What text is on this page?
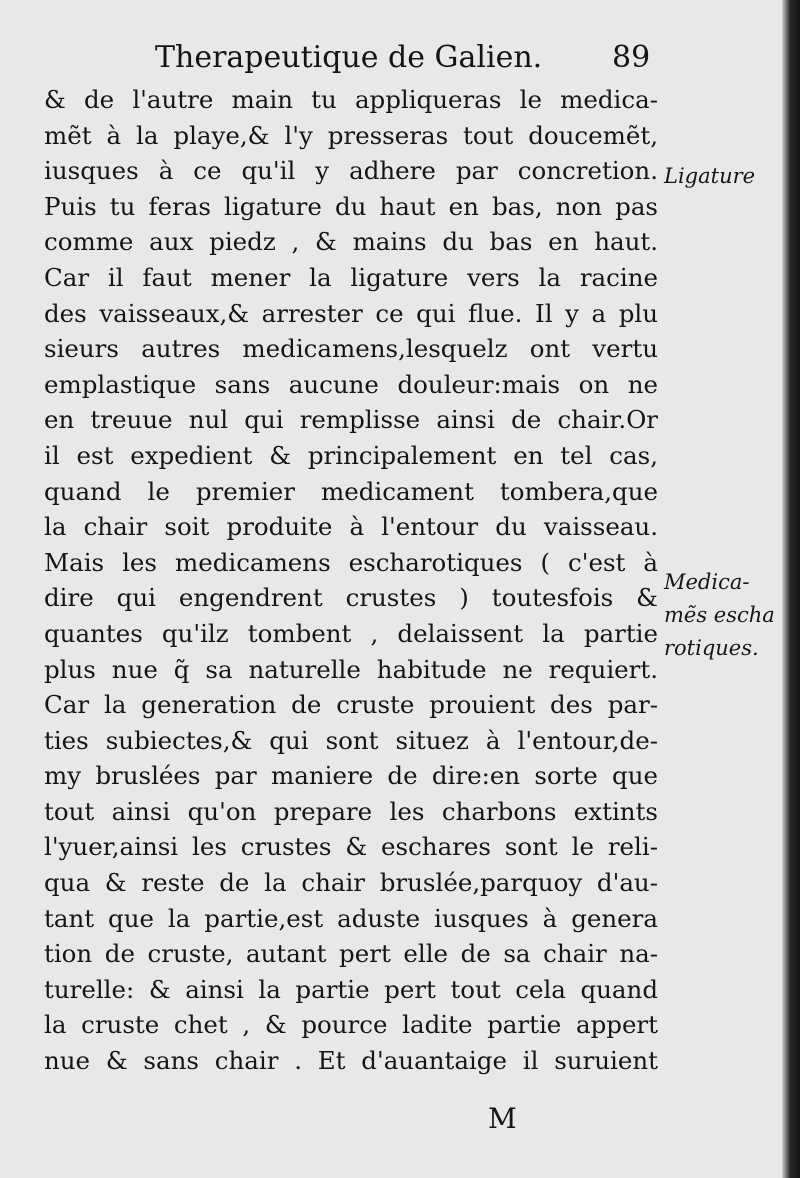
Therapeutique de Galien. 89
& de l'autre main tu appliqueras le medica-
mẽt à la playe,& l'y presseras tout doucemẽt,
iusques à ce qu'il y adhere par concretion.
Puis tu feras ligature du haut en bas, non pas
comme aux piedz , & mains du bas en haut.
Car il faut mener la ligature vers la racine
des vaisseaux,& arrester ce qui flue. Il y a plu
sieurs autres medicamens,lesquelz ont vertu
emplastique sans aucune douleur:mais on ne
en treuue nul qui remplisse ainsi de chair.Or
il est expedient & principalement en tel cas,
quand le premier medicament tombera,que
la chair soit produite à l'entour du vaisseau.
Mais les medicamens escharotiques ( c'est à
dire qui engendrent crustes ) toutesfois &
quantes qu'ilz tombent , delaissent la partie
plus nue q̃ sa naturelle habitude ne requiert.
Car la generation de cruste prouient des par-
ties subiectes,& qui sont situez à l'entour,de-
my bruslées par maniere de dire:en sorte que
tout ainsi qu'on prepare les charbons extints
l'yuer,ainsi les crustes & eschares sont le reli-
qua & reste de la chair bruslée,parquoy d'au-
tant que la partie,est aduste iusques à genera
tion de cruste, autant pert elle de sa chair na-
turelle: & ainsi la partie pert tout cela quand
la cruste chet , & pource ladite partie appert
nue & sans chair . Et d'auantaige il suruient
Ligature
Medica-
mẽs escha
rotiques.
M
